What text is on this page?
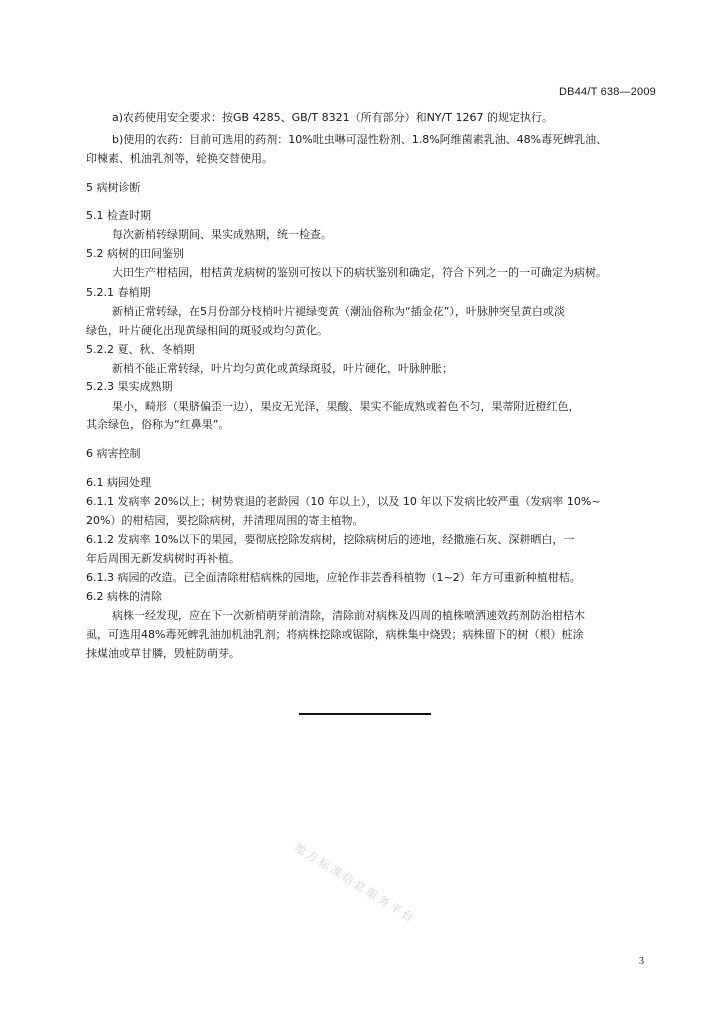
DB44/T 638—2009
a)农药使用安全要求：按GB 4285、GB/T 8321（所有部分）和NY/T 1267 的规定执行。
b)使用的农药：目前可选用的药剂：10%吡虫啉可湿性粉剂、1.8%阿维菌素乳油、48%毒死蜱乳油、
印楝素、机油乳剂等，轮换交替使用。
5 病树诊断
5.1 检查时期
每次新梢转绿期间、果实成熟期，统一检查。
5.2 病树的田间鉴别
大田生产柑桔园，柑桔黄龙病树的鉴别可按以下的病状鉴别和确定，符合下列之一的一可确定为病树。
5.2.1 春梢期
新梢正常转绿，在5月份部分枝梢叶片褪绿变黄（潮汕俗称为“插金花”），叶脉肿突呈黄白或淡
绿色，叶片硬化出现黄绿相间的斑驳或均匀黄化。
5.2.2 夏、秋、冬梢期
新梢不能正常转绿，叶片均匀黄化或黄绿斑驳，叶片硬化，叶脉肿胀；
5.2.3 果实成熟期
果小，畸形（果脐偏歪一边），果皮无光泽，果酸、果实不能成熟或着色不匀，果蒂附近橙红色，
其余绿色，俗称为“红鼻果”。
6 病害控制
6.1 病园处理
6.1.1 发病率 20%以上；树势衰退的老龄园（10 年以上），以及 10 年以下发病比较严重（发病率 10%~
20%）的柑桔园，要挖除病树，并清理周围的寄主植物。
6.1.2 发病率 10%以下的果园，要彻底挖除发病树，挖除病树后的迹地，经撒施石灰、深耕晒白，一
年后周围无新发病树时再补植。
6.1.3 病园的改造。已全面清除柑桔病株的园地，应轮作非芸香科植物（1~2）年方可重新种植柑桔。
6.2 病株的清除
病株一经发现，应在下一次新梢萌芽前清除，清除前对病株及四周的植株喷洒速效药剂防治柑桔木
虱，可选用48%毒死蜱乳油加机油乳剂；将病株挖除或锯除，病株集中烧毁；病株留下的树（根）桩涂
抹煤油或草甘膦，毁桩防萌芽。
地方标准信息服务平台
3
